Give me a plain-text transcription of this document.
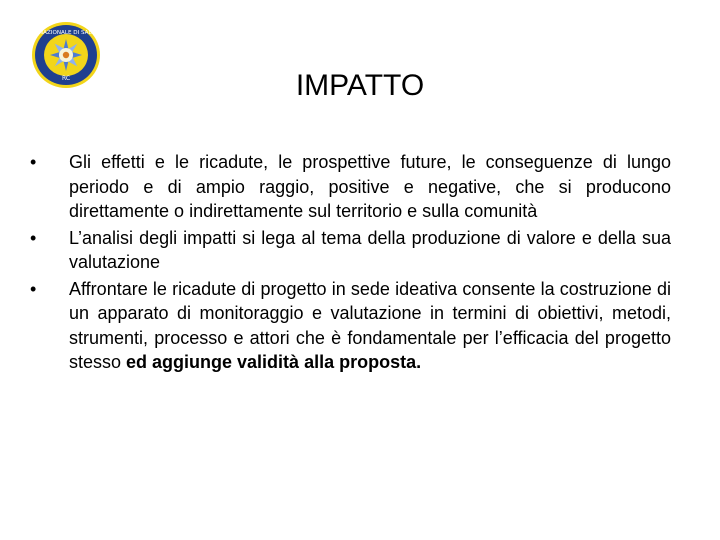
SOCIETÀ NAZIONALE DI SALVAMENTO
RC	IMPATTO
•	Gli effetti e le ricadute, le prospettive future, le conseguenze di lungo periodo e di ampio raggio, positive e negative, che si producono direttamente o indirettamente sul territorio e sulla comunità
•	L’analisi degli impatti si lega al tema della produzione di valore e della sua valutazione
•	Affrontare le ricadute di progetto in sede ideativa consente la costruzione di un apparato di monitoraggio e valutazione in termini di obiettivi, metodi, strumenti, processo e attori che è fondamentale per l’efficacia del progetto stesso ed aggiunge validità alla proposta.
